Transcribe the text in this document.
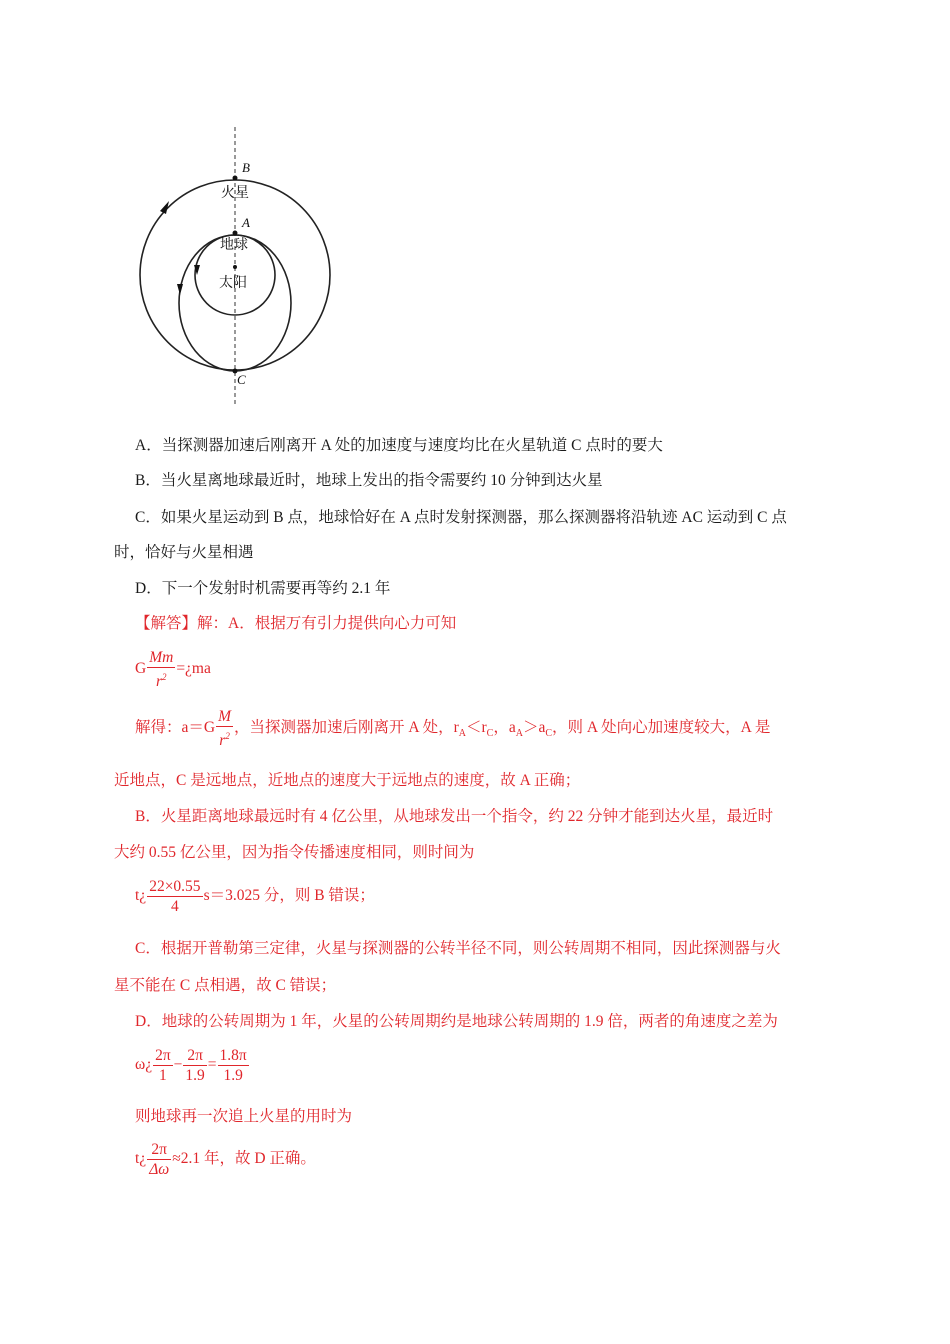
B
火星
A
地球
太阳
C
A．当探测器加速后刚离开 A 处的加速度与速度均比在火星轨道 C 点时的要大
B．当火星离地球最近时，地球上发出的指令需要约 10 分钟到达火星
C．如果火星运动到 B 点，地球恰好在 A 点时发射探测器，那么探测器将沿轨迹 AC 运动到 C 点
时，恰好与火星相遇
D．下一个发射时机需要再等约 2.1 年
【解答】解：A．根据万有引力提供向心力可知
G $\frac{Mm}{r^2}$ =¿ma
解得：$a=G \frac{M}{r^2}$ ，当探测器加速后刚离开 A 处，$r_A<r_C$，$a_A>a_C$，则 A 处向心加速度较大，A 是
近地点，C 是远地点，近地点的速度大于远地点的速度，故 A 正确；
B．火星距离地球最远时有 4 亿公里，从地球发出一个指令，约 22 分钟才能到达火星，最近时
大约 0.55 亿公里，因为指令传播速度相同，则时间为
t¿ $\frac{22\times 0.55}{4} s=3.025$ 分，则 B 错误；
C．根据开普勒第三定律，火星与探测器的公转半径不同，则公转周期不相同，因此探测器与火
星不能在 C 点相遇，故 C 错误；
D．地球的公转周期为 1 年，火星的公转周期约是地球公转周期的 1.9 倍，两者的角速度之差为
ω¿ $\frac{2\pi}{1} - \frac{2\pi}{1.9} = \frac{1.8\pi}{1.9}$
则地球再一次追上火星的用时为
t¿ $\frac{2\pi}{\Delta\omega} \approx 2.1$ 年，故 D 正确。
